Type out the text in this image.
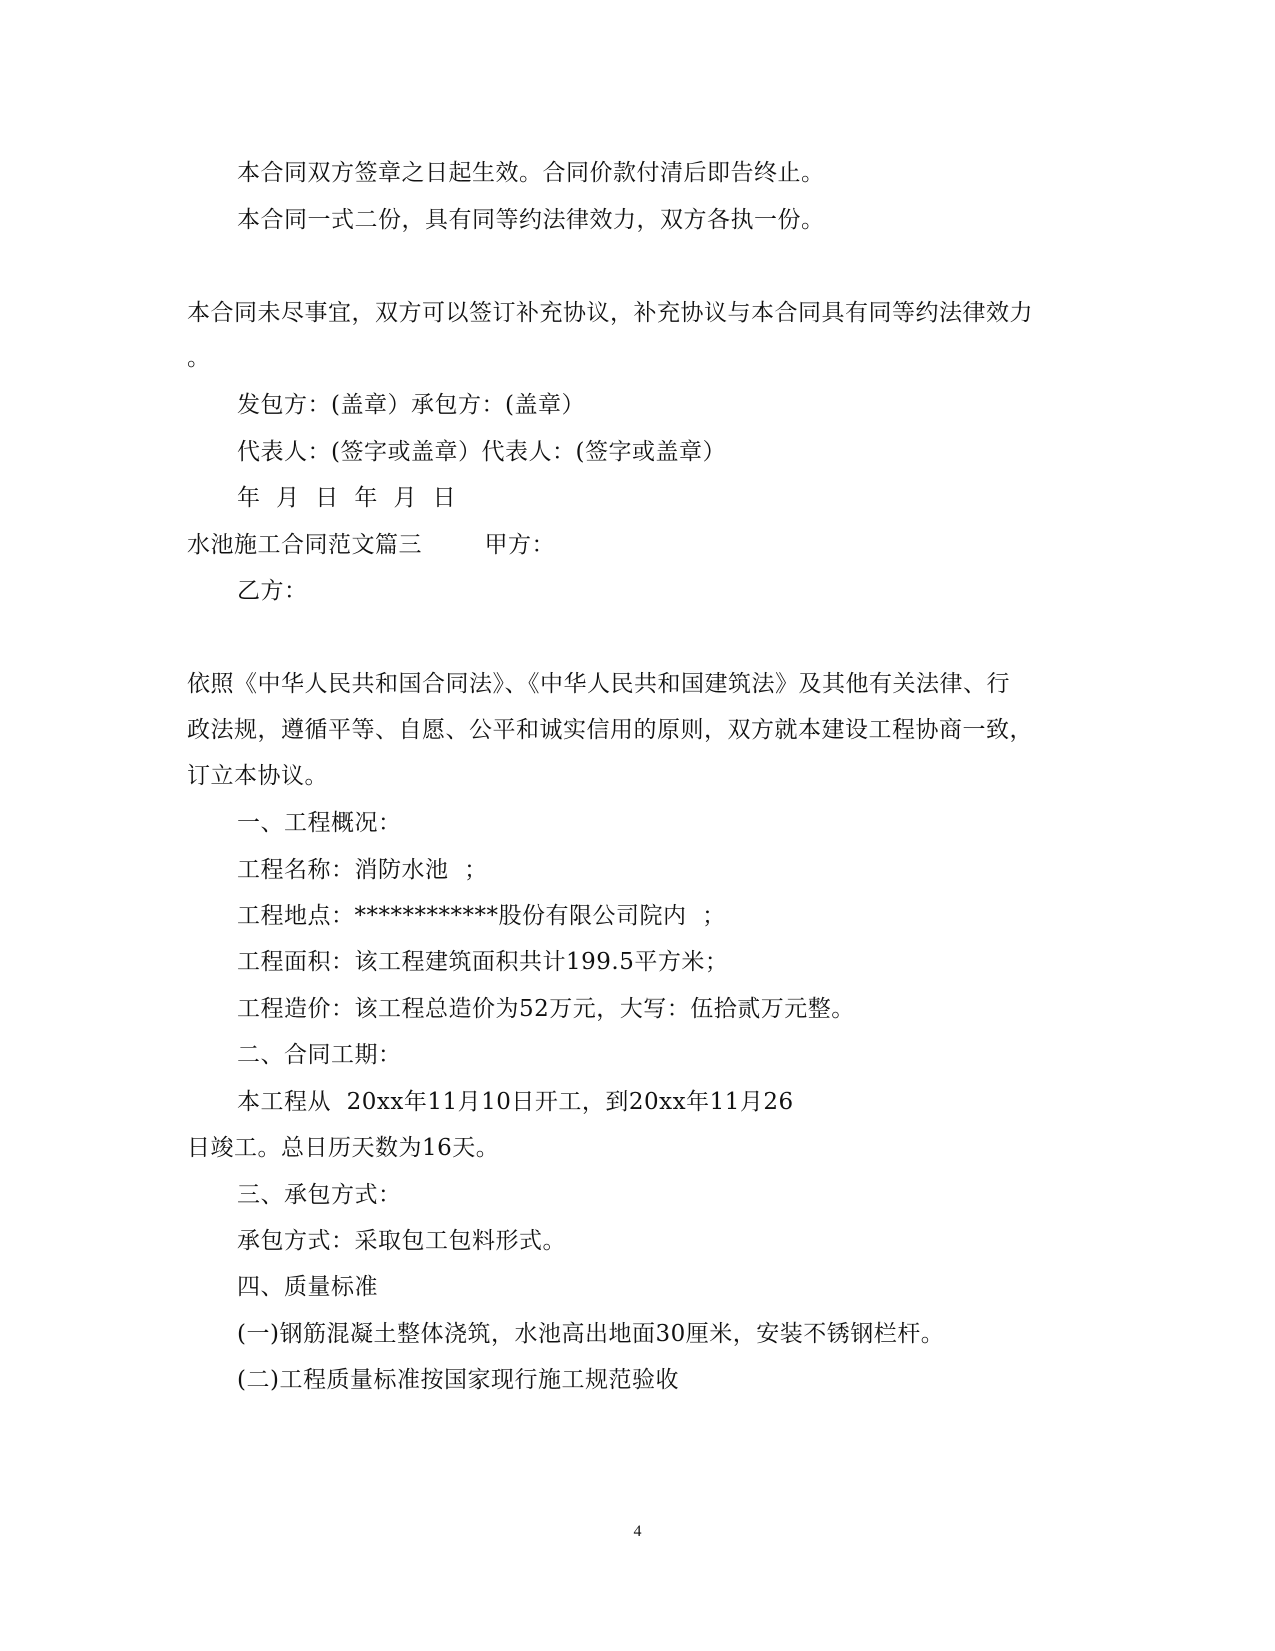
本合同双方签章之日起生效。合同价款付清后即告终止。
本合同一式二份，具有同等约法律效力，双方各执一份。
本合同未尽事宜，双方可以签订补充协议，补充协议与本合同具有同等约法律效力
。
发包方：(盖章）承包方：(盖章）
代表人：(签字或盖章）代表人：(签字或盖章）
年  月  日  年  月  日
水池施工合同范文篇三        甲方：
乙方：
依照《中华人民共和国合同法》、《中华人民共和国建筑法》及其他有关法律、行
政法规，遵循平等、自愿、公平和诚实信用的原则，双方就本建设工程协商一致，
订立本协议。
一、工程概况：
工程名称：消防水池  ；
工程地点：************股份有限公司院内  ；
工程面积：该工程建筑面积共计199.5平方米；
工程造价：该工程总造价为52万元，大写：伍拾贰万元整。
二、合同工期：
本工程从  20xx年11月10日开工，到20xx年11月26
日竣工。总日历天数为16天。
三、承包方式：
承包方式：采取包工包料形式。
四、质量标准
(一)钢筋混凝土整体浇筑，水池高出地面30厘米，安装不锈钢栏杆。
(二)工程质量标准按国家现行施工规范验收
4
